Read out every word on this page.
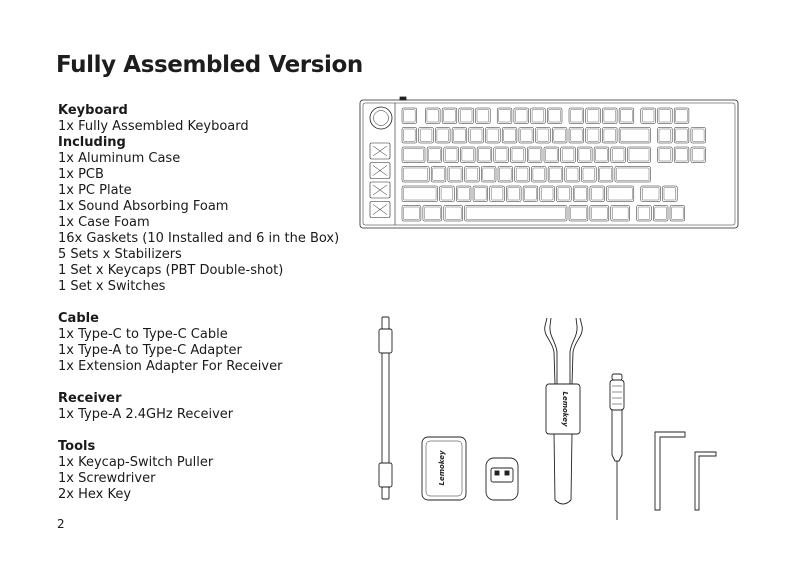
Fully Assembled Version
Keyboard
1x Fully Assembled Keyboard
Including
1x Aluminum Case
1x PCB
1x PC Plate
1x Sound Absorbing Foam
1x Case Foam
16x Gaskets (10 Installed and 6 in the Box)
5 Sets x Stabilizers
1 Set x Keycaps (PBT Double-shot)
1 Set x Switches
Cable
1x Type-C to Type-C Cable
1x Type-A to Type-C Adapter
1x Extension Adapter For Receiver
Receiver
1x Type-A 2.4GHz Receiver
Tools
1x Keycap-Switch Puller
1x Screwdriver
2x Hex Key
2
Lemokey
Lemokey
